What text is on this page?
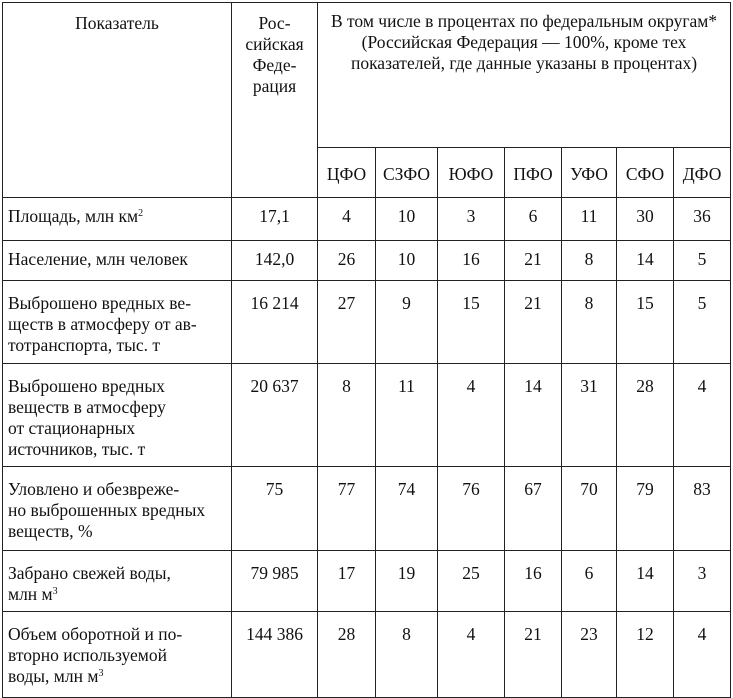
Показатель	Рос-
сийская
Феде-
рация	В том числе в процентах по федеральным округам* (Российская Федерация — 100%, кроме тех показателей, где данные указаны в процентах)						
		ЦФО	СЗФО	ЮФО	ПФО	УФО	СФО	ДФО
Площадь, млн $км^2$	17,1	4	10	3	6	11	30	36
Население, млн человек	142,0	26	10	16	21	8	14	5
Выброшено вредных ве-
ществ в атмосферу от ав-
тотранспорта, тыс. т	16 214	27	9	15	21	8	15	5
Выброшено вредных
веществ в атмосферу
от стационарных
источников, тыс. т	20 637	8	11	4	14	31	28	4
Уловлено и обезвреже-
но выброшенных вредных
веществ, %	75	77	74	76	67	70	79	83
Забрано свежей воды,
млн $м^3$	79 985	17	19	25	16	6	14	3
Объем оборотной и по-
вторно используемой
воды, млн $м^3$	144 386	28	8	4	21	23	12	4
